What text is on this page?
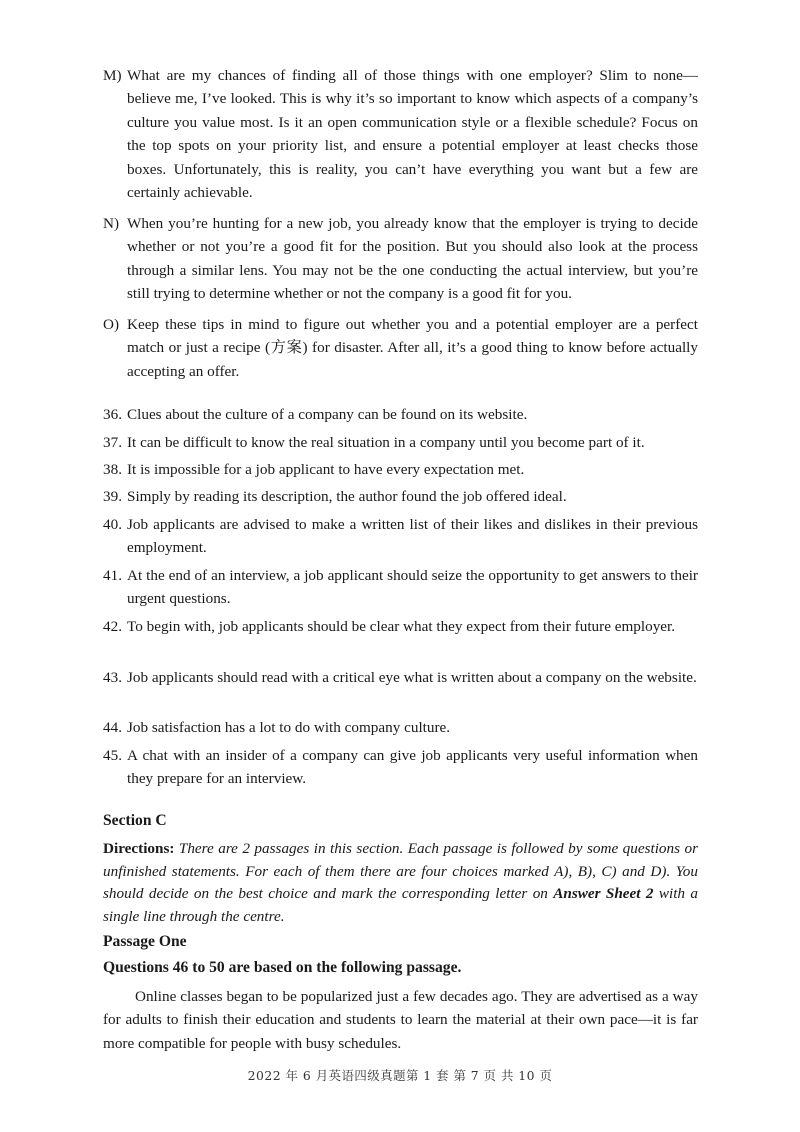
M) What are my chances of finding all of those things with one employer? Slim to none—believe me, I’ve looked. This is why it’s so important to know which aspects of a company’s culture you value most. Is it an open communication style or a flexible schedule? Focus on the top spots on your priority list, and ensure a potential employer at least checks those boxes. Unfortunately, this is reality, you can’t have everything you want but a few are certainly achievable.
N) When you’re hunting for a new job, you already know that the employer is trying to decide whether or not you’re a good fit for the position. But you should also look at the process through a similar lens. You may not be the one conducting the actual interview, but you’re still trying to determine whether or not the company is a good fit for you.
O) Keep these tips in mind to figure out whether you and a potential employer are a perfect match or just a recipe (方案) for disaster. After all, it’s a good thing to know before actually accepting an offer.
36. Clues about the culture of a company can be found on its website.
37. It can be difficult to know the real situation in a company until you become part of it.
38. It is impossible for a job applicant to have every expectation met.
39. Simply by reading its description, the author found the job offered ideal.
40. Job applicants are advised to make a written list of their likes and dislikes in their previous employment.
41. At the end of an interview, a job applicant should seize the opportunity to get answers to their urgent questions.
42. To begin with, job applicants should be clear what they expect from their future employer.
43. Job applicants should read with a critical eye what is written about a company on the website.
44. Job satisfaction has a lot to do with company culture.
45. A chat with an insider of a company can give job applicants very useful information when they prepare for an interview.
Section C
Directions: There are 2 passages in this section. Each passage is followed by some questions or unfinished statements. For each of them there are four choices marked A), B), C) and D). You should decide on the best choice and mark the corresponding letter on Answer Sheet 2 with a single line through the centre.
Passage One
Questions 46 to 50 are based on the following passage.
Online classes began to be popularized just a few decades ago. They are advertised as a way for adults to finish their education and students to learn the material at their own pace—it is far more compatible for people with busy schedules.
2022 年 6 月英语四级真题第 1 套 第 7 页 共 10 页
